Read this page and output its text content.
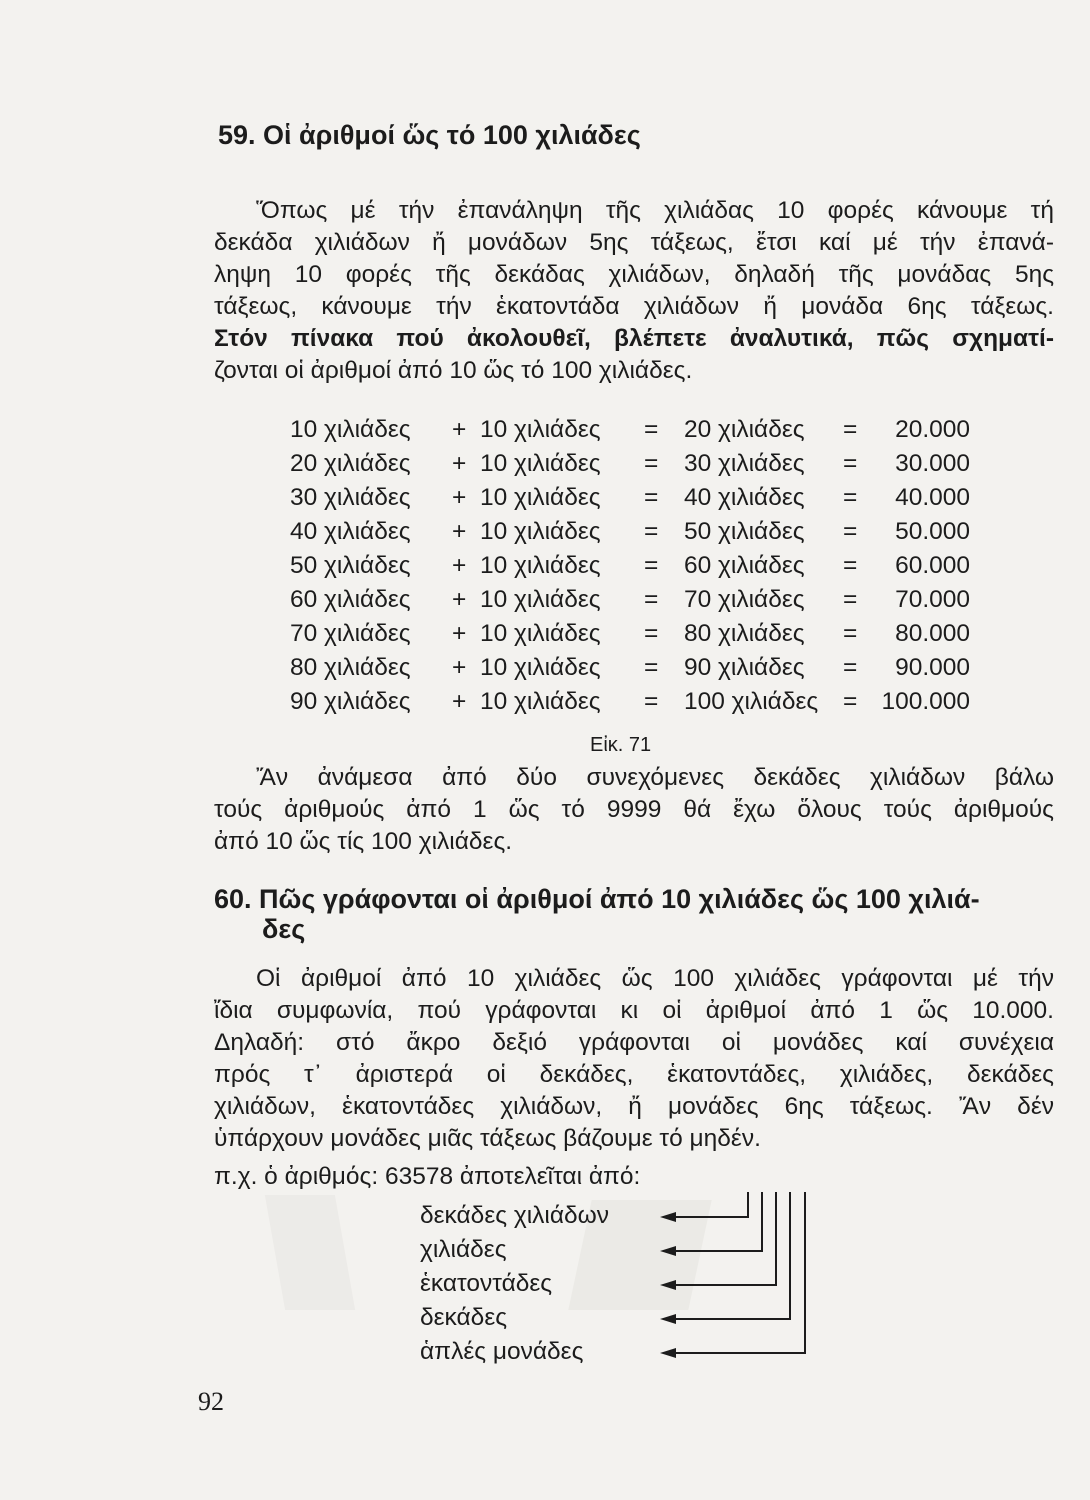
59. Οἱ ἀριθμοί ὥς τό 100 χιλιάδες
Ὅπως μέ τήν ἐπανάληψη τῆς χιλιάδας 10 φορές κάνουμε τή
δεκάδα χιλιάδων ἤ μονάδων 5ης τάξεως, ἔτσι καί μέ τήν ἐπανά-
ληψη 10 φορές τῆς δεκάδας χιλιάδων, δηλαδή τῆς μονάδας 5ης
τάξεως, κάνουμε τήν ἑκατοντάδα χιλιάδων ἤ μονάδα 6ης τάξεως.
Στόν πίνακα πού ἀκολουθεῖ, βλέπετε ἀναλυτικά, πῶς σχηματί-
ζονται οἱ ἀριθμοί ἀπό 10 ὥς τό 100 χιλιάδες.
10 χιλιάδες + 10 χιλιάδες = 20 χιλιάδες =	20.000
20 χιλιάδες + 10 χιλιάδες = 30 χιλιάδες =	30.000
30 χιλιάδες + 10 χιλιάδες = 40 χιλιάδες =	40.000
40 χιλιάδες + 10 χιλιάδες = 50 χιλιάδες =	50.000
50 χιλιάδες + 10 χιλιάδες = 60 χιλιάδες =	60.000
60 χιλιάδες + 10 χιλιάδες = 70 χιλιάδες =	70.000
70 χιλιάδες + 10 χιλιάδες = 80 χιλιάδες =	80.000
80 χιλιάδες + 10 χιλιάδες = 90 χιλιάδες =	90.000
90 χιλιάδες + 10 χιλιάδες = 100 χιλιάδες = 100.000
Εἰκ. 71
Ἄν ἀνάμεσα ἀπό δύο συνεχόμενες δεκάδες χιλιάδων βάλω
τούς ἀριθμούς ἀπό 1 ὥς τό 9999 θά ἔχω ὅλους τούς ἀριθμούς
ἀπό 10 ὥς τίς 100 χιλιάδες.
60. Πῶς γράφονται οἱ ἀριθμοί ἀπό 10 χιλιάδες ὥς 100 χιλιά-
δες
Οἱ ἀριθμοί ἀπό 10 χιλιάδες ὥς 100 χιλιάδες γράφονται μέ τήν
ἴδια συμφωνία, πού γράφονται κι οἱ ἀριθμοί ἀπό 1 ὥς 10.000.
Δηλαδή: στό ἄκρο δεξιό γράφονται οἱ μονάδες καί συνέχεια
πρός τ᾿ ἀριστερά οἱ δεκάδες, ἑκατοντάδες, χιλιάδες, δεκάδες
χιλιάδων, ἑκατοντάδες χιλιάδων, ἤ μονάδες 6ης τάξεως. Ἄν δέν
ὑπάρχουν μονάδες μιᾶς τάξεως βάζουμε τό μηδέν.
π.χ. ὁ ἀριθμός: 63578 ἀποτελεῖται ἀπό:
δεκάδες χιλιάδων
χιλιάδες
ἑκατοντάδες
δεκάδες
ἁπλές μονάδες
92
